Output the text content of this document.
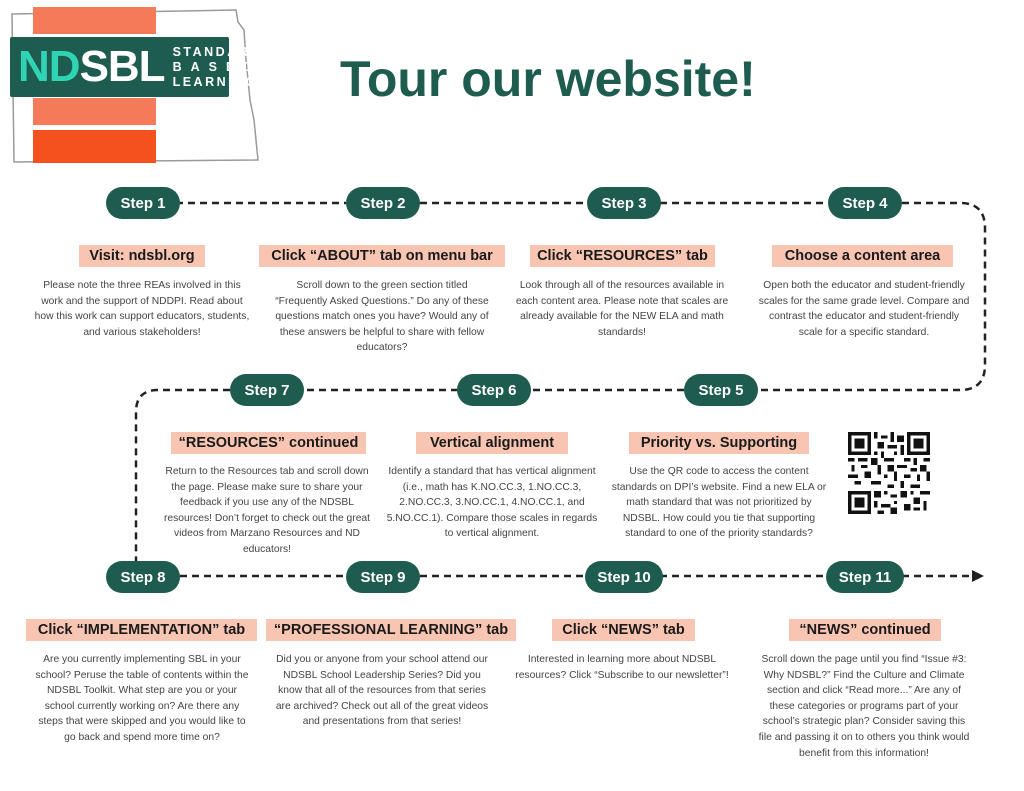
ND SBL STANDARDS
BASED
LEARNING Tour our website!
Step 1	Step 2	Step 3	Step 4
Step 5
Step 6
Step 7
Step 8	Step 9	Step 10	Step 11
Visit: ndsbl.org	Click “ABOUT” tab on menu bar	Click “RESOURCES” tab	Choose a content area
Priority vs. Supporting
Vertical alignment
“RESOURCES” continued
Click “IMPLEMENTATION” tab	“PROFESSIONAL LEARNING” tab	Click “NEWS” tab	“NEWS” continued
Please note the three REAs involved in this work and the support of NDDPI. Read about how this work can support educators, students, and various stakeholders!
Scroll down to the green section titled “Frequently Asked Questions.” Do any of these questions match ones you have? Would any of these answers be helpful to share with fellow educators?
Look through all of the resources available in each content area. Please note that scales are already available for the NEW ELA and math standards!
Open both the educator and student-friendly scales for the same grade level. Compare and contrast the educator and student-friendly scale for a specific standard.
Use the QR code to access the content standards on DPI’s website. Find a new ELA or math standard that was not prioritized by NDSBL. How could you tie that supporting standard to one of the priority standards?
Identify a standard that has vertical alignment (i.e., math has K.NO.CC.3, 1.NO.CC.3, 2.NO.CC.3, 3.NO.CC.1, 4.NO.CC.1, and 5.NO.CC.1). Compare those scales in regards to vertical alignment.
Return to the Resources tab and scroll down the page. Please make sure to share your feedback if you use any of the NDSBL resources! Don’t forget to check out the great videos from Marzano Resources and ND educators!
Are you currently implementing SBL in your school? Peruse the table of contents within the NDSBL Toolkit. What step are you or your school currently working on? Are there any steps that were skipped and you would like to go back and spend more time on?
Did you or anyone from your school attend our NDSBL School Leadership Series? Did you know that all of the resources from that series are archived? Check out all of the great videos and presentations from that series!
Interested in learning more about NDSBL resources? Click “Subscribe to our newsletter”!
Scroll down the page until you find “Issue #3: Why NDSBL?” Find the Culture and Climate section and click “Read more...” Are any of these categories or programs part of your school’s strategic plan? Consider saving this file and passing it on to others you think would benefit from this information!
